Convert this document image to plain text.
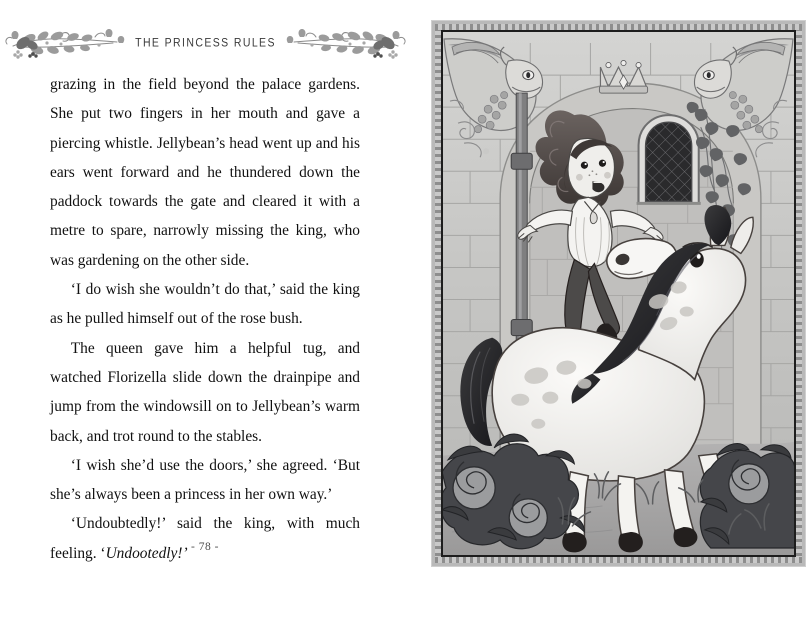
THE PRINCESS RULES

grazing in the field beyond the palace gardens. She put two fingers in her mouth and gave a piercing whistle. Jellybean’s head went up and his ears went forward and he thundered down the paddock towards the gate and cleared it with a metre to spare, narrowly missing the king, who was gardening on the other side.

‘I do wish she wouldn’t do that,’ said the king as he pulled himself out of the rose bush.

The queen gave him a helpful tug, and watched Florizella slide down the drainpipe and jump from the windowsill on to Jellybean’s warm back, and trot round to the stables.

‘I wish she’d use the doors,’ she agreed. ‘But she’s always been a princess in her own way.’

‘Undoubtedly!’ said the king, with much feeling. ‘Undootedly!’ - 78 -
